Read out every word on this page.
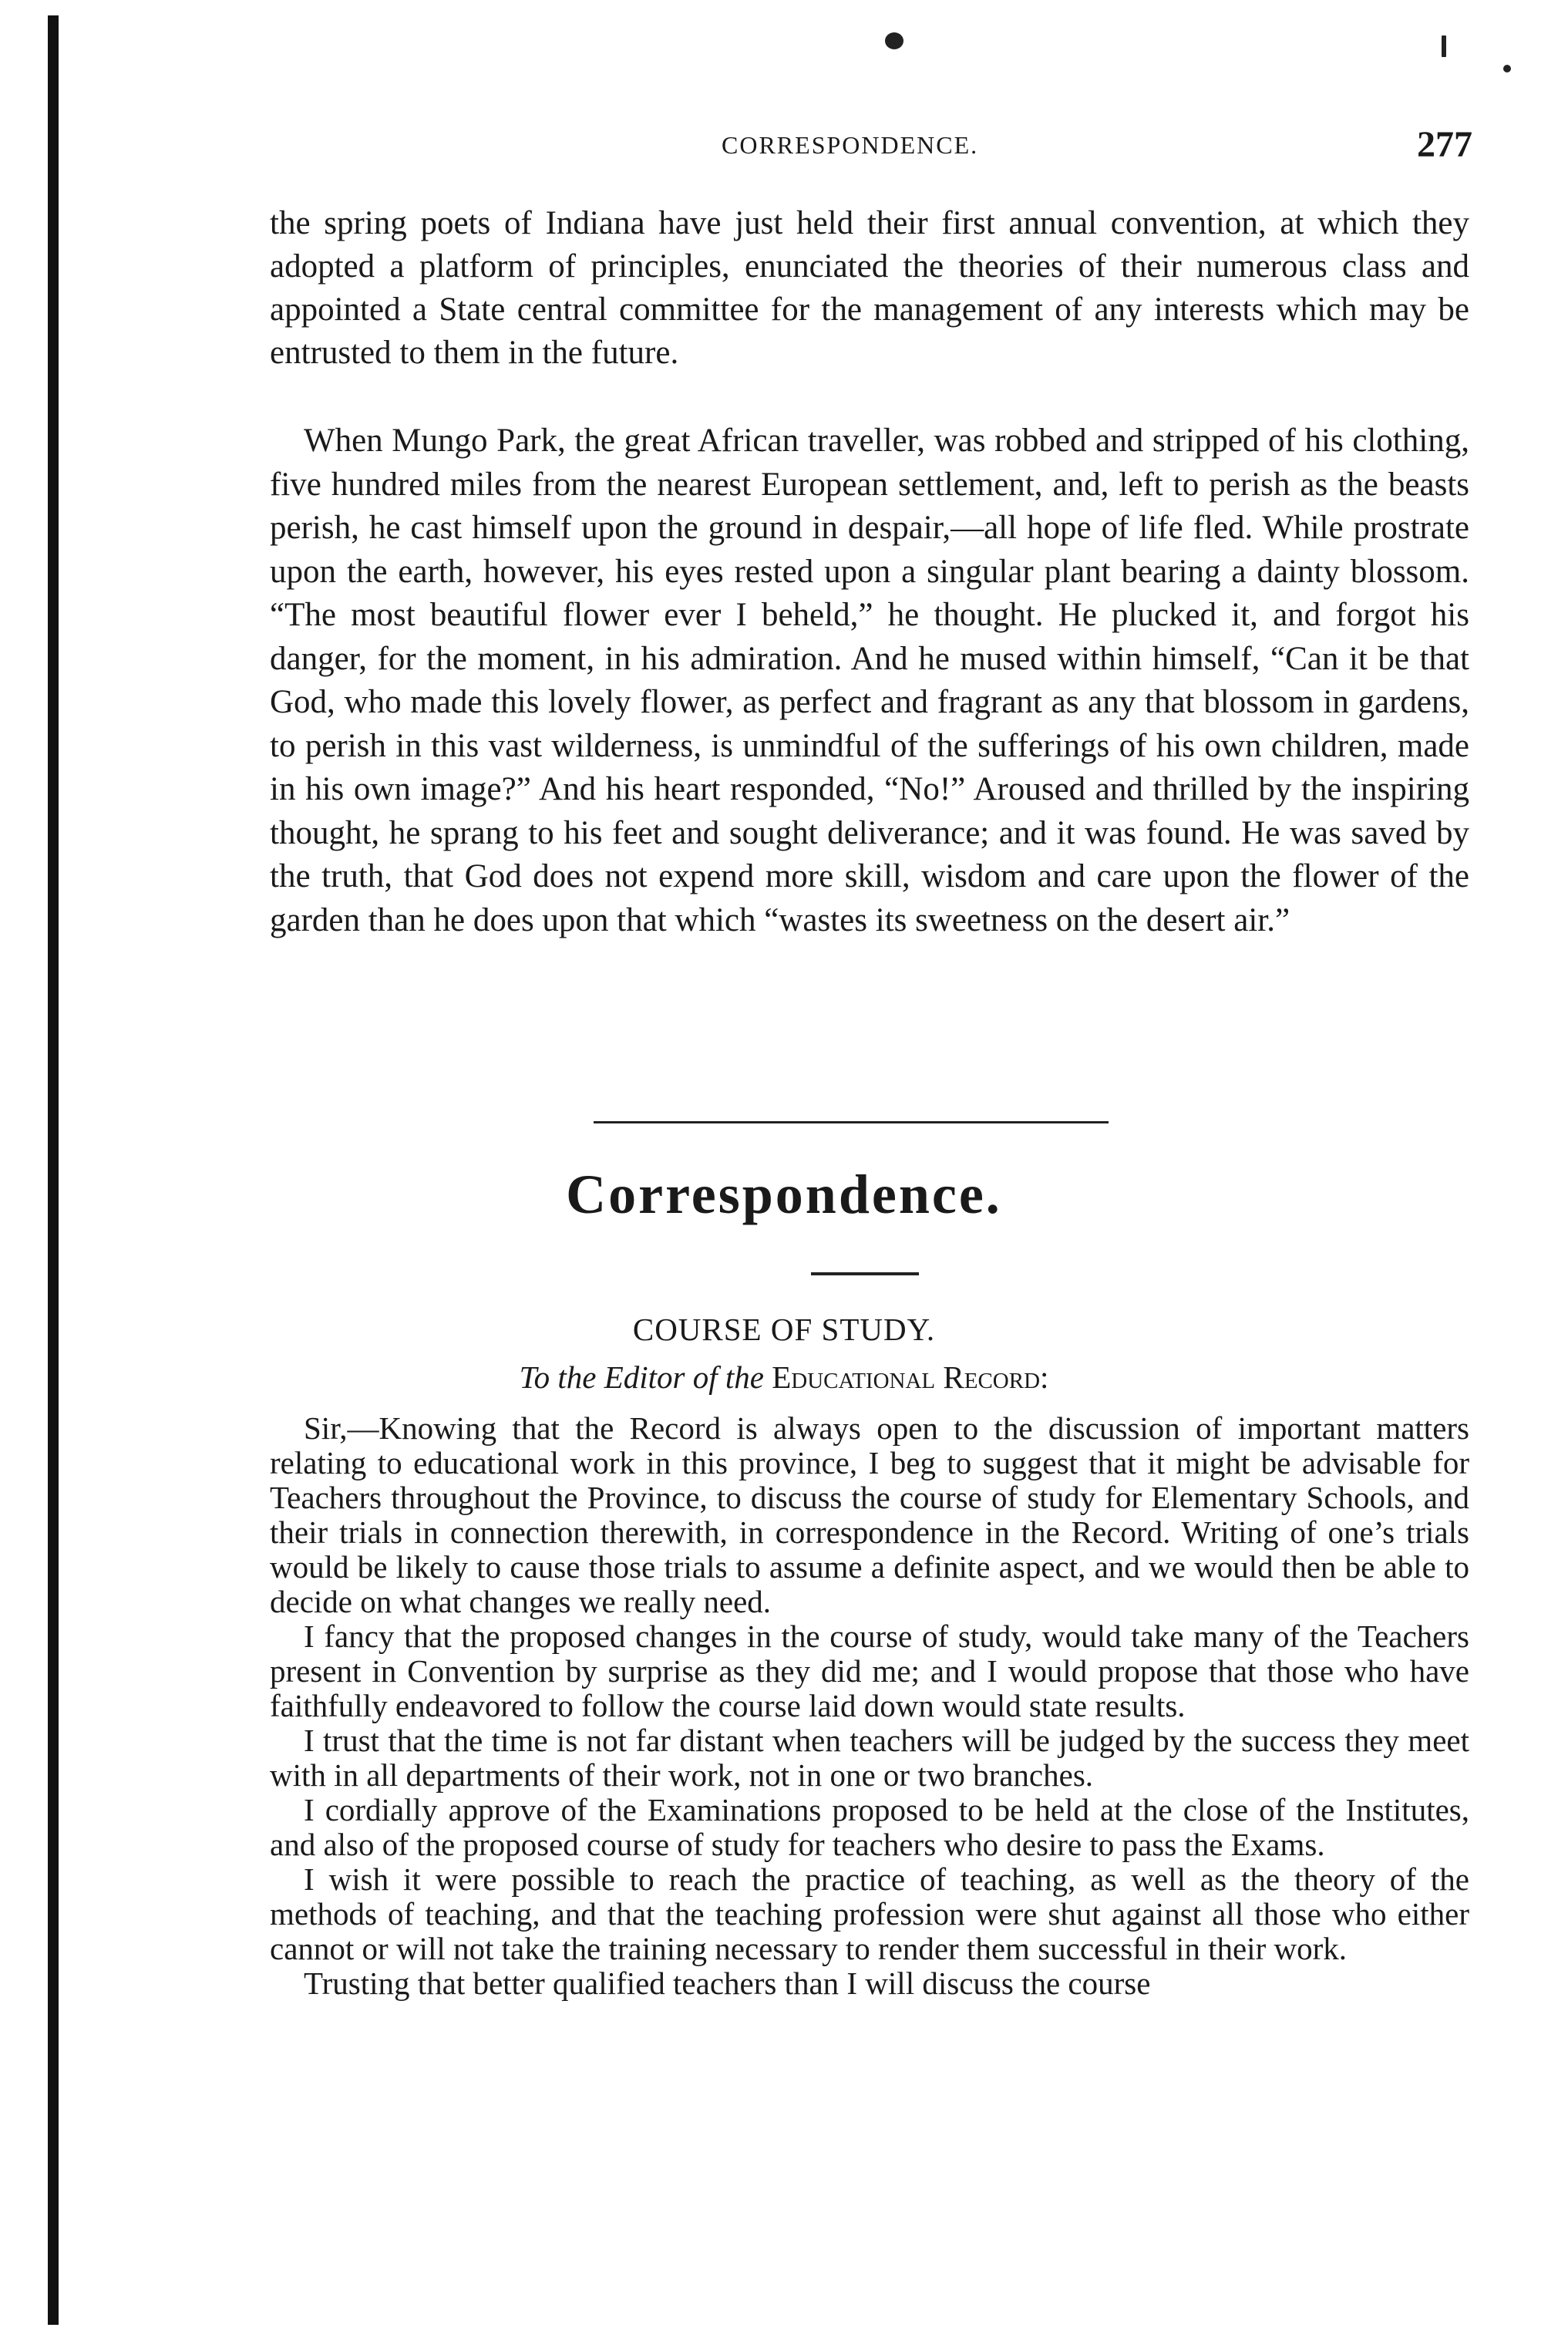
CORRESPONDENCE.	277

the spring poets of Indiana have just held their first annual convention, at which they adopted a platform of principles, enunciated the theories of their numerous class and appointed a State central committee for the management of any interests which may be entrusted to them in the future.

When Mungo Park, the great African traveller, was robbed and stripped of his clothing, five hundred miles from the nearest European settlement, and, left to perish as the beasts perish, he cast himself upon the ground in despair,—all hope of life fled. While prostrate upon the earth, however, his eyes rested upon a singular plant bearing a dainty blossom. “The most beautiful flower ever I beheld,” he thought. He plucked it, and forgot his danger, for the moment, in his admiration. And he mused within himself, “Can it be that God, who made this lovely flower, as perfect and fragrant as any that blossom in gardens, to perish in this vast wilderness, is unmindful of the sufferings of his own children, made in his own image?” And his heart responded, “No!” Aroused and thrilled by the inspiring thought, he sprang to his feet and sought deliverance; and it was found. He was saved by the truth, that God does not expend more skill, wisdom and care upon the flower of the garden than he does upon that which “wastes its sweetness on the desert air.”

Correspondence.
COURSE OF STUDY.
To the Editor of the Educational Record:

Sir,—Knowing that the Record is always open to the discussion of important matters relating to educational work in this province, I beg to suggest that it might be advisable for Teachers throughout the Province, to discuss the course of study for Elementary Schools, and their trials in connection therewith, in correspondence in the Record. Writing of one’s trials would be likely to cause those trials to assume a definite aspect, and we would then be able to decide on what changes we really need.

I fancy that the proposed changes in the course of study, would take many of the Teachers present in Convention by surprise as they did me; and I would propose that those who have faithfully endeavored to follow the course laid down would state results.

I trust that the time is not far distant when teachers will be judged by the success they meet with in all departments of their work, not in one or two branches.

I cordially approve of the Examinations proposed to be held at the close of the Institutes, and also of the proposed course of study for teachers who desire to pass the Exams.

I wish it were possible to reach the practice of teaching, as well as the theory of the methods of teaching, and that the teaching profession were shut against all those who either cannot or will not take the training necessary to render them successful in their work.

Trusting that better qualified teachers than I will discuss the course
